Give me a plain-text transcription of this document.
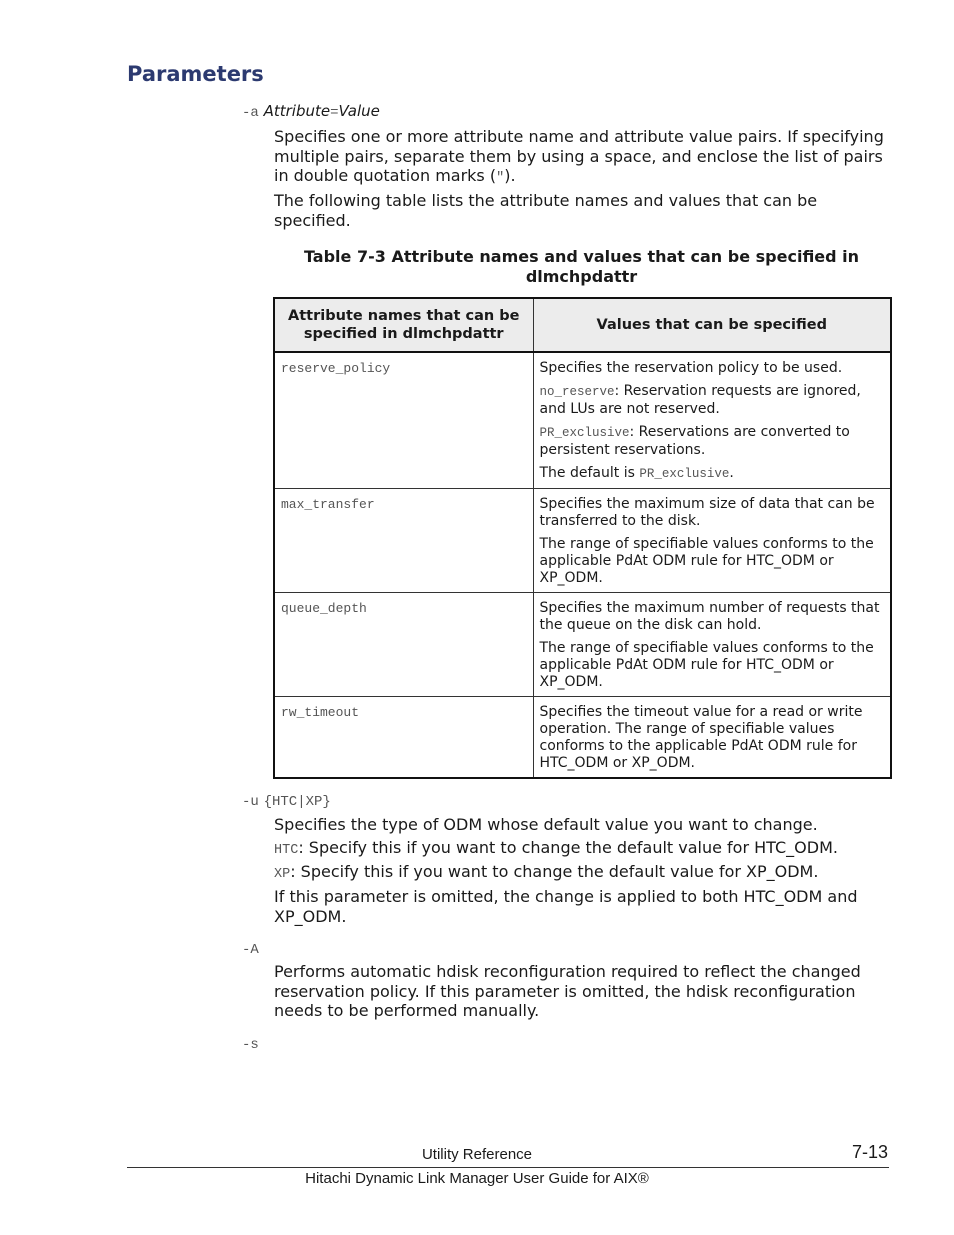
Parameters
-a Attribute=Value

Specifies one or more attribute name and attribute value pairs. If specifying multiple pairs, separate them by using a space, and enclose the list of pairs in double quotation marks (").

The following table lists the attribute names and values that can be specified.

Table 7-3 Attribute names and values that can be specified in dlmchpdattr

Attribute names that can be specified in dlmchpdattr	Values that can be specified
reserve_policy	Specifies the reservation policy to be used.

no_reserve: Reservation requests are ignored, and LUs are not reserved.

PR_exclusive: Reservations are converted to persistent reservations.

The default is PR_exclusive.

max_transfer	Specifies the maximum size of data that can be transferred to the disk.

The range of specifiable values conforms to the applicable PdAt ODM rule for HTC_ODM or XP_ODM.

queue_depth	Specifies the maximum number of requests that the queue on the disk can hold.

The range of specifiable values conforms to the applicable PdAt ODM rule for HTC_ODM or XP_ODM.

rw_timeout	Specifies the timeout value for a read or write operation. The range of specifiable values conforms to the applicable PdAt ODM rule for HTC_ODM or XP_ODM.

-u {HTC|XP}

Specifies the type of ODM whose default value you want to change.

HTC: Specify this if you want to change the default value for HTC_ODM.

XP: Specify this if you want to change the default value for XP_ODM.

If this parameter is omitted, the change is applied to both HTC_ODM and XP_ODM.

-A

Performs automatic hdisk reconfiguration required to reflect the changed reservation policy. If this parameter is omitted, the hdisk reconfiguration needs to be performed manually.

-s
Utility Reference	7-13
Hitachi Dynamic Link Manager User Guide for AIX®
